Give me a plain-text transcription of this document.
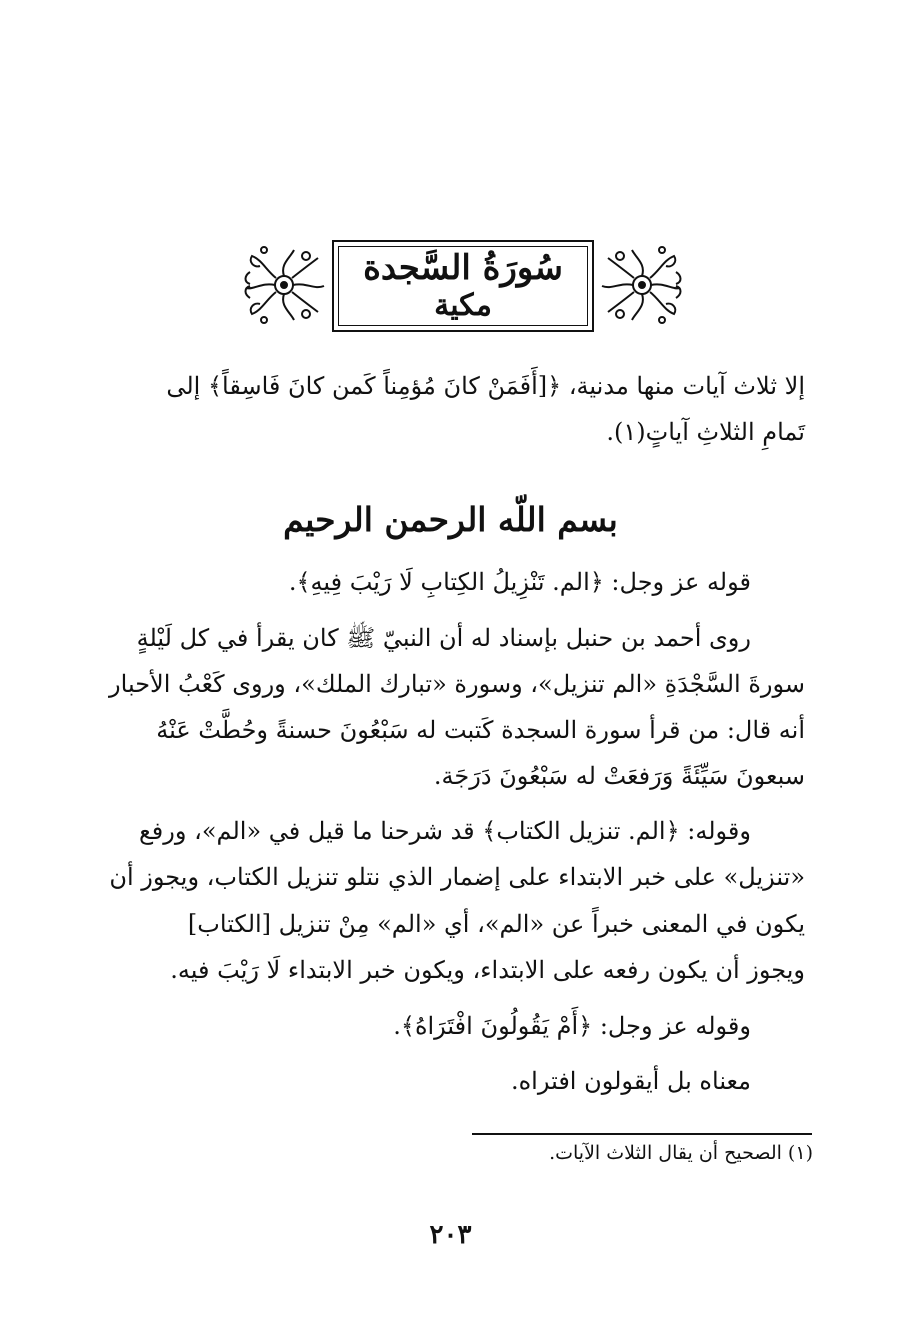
سُورَةُ السَّجدة
مكية
إلا ثلاث آيات منها مدنية، ﴿[أَفَمَنْ كانَ مُؤمِناً كَمن كانَ فَاسِقاً﴾ إلى
تَمامِ الثلاثِ آياتٍ(١).
بسم اللّه الرحمن الرحيم
قوله عز وجل: ﴿الم. تَنْزِيلُ الكِتابِ لَا رَيْبَ فِيهِ﴾.
روى أحمد بن حنبل بإسناد له أن النبيّ ﷺ كان يقرأ في كل لَيْلةٍ
سورةَ السَّجْدَةِ «الم تنزيل»، وسورة «تبارك الملك»، وروى كَعْبُ الأحبار
أنه قال: من قرأ سورة السجدة كَتبت له سَبْعُونَ حسنةً وحُطَّتْ عَنْهُ
سبعونَ سَيِّئَةً وَرَفعَتْ له سَبْعُونَ دَرَجَة.
وقوله: ﴿الم. تنزيل الكتاب﴾ قد شرحنا ما قيل في «الم»، ورفع
«تنزيل» على خبر الابتداء على إضمار الذي نتلو تنزيل الكتاب، ويجوز أن
يكون في المعنى خبراً عن «الم»، أي «الم» مِنْ تنزيل [الكتاب]
ويجوز أن يكون رفعه على الابتداء، ويكون خبر الابتداء لَا رَيْبَ فيه.
وقوله عز وجل: ﴿أَمْ يَقُولُونَ افْتَرَاهُ﴾.
معناه بل أيقولون افتراه.
(١) الصحيح أن يقال الثلاث الآيات.
٢٠٣
